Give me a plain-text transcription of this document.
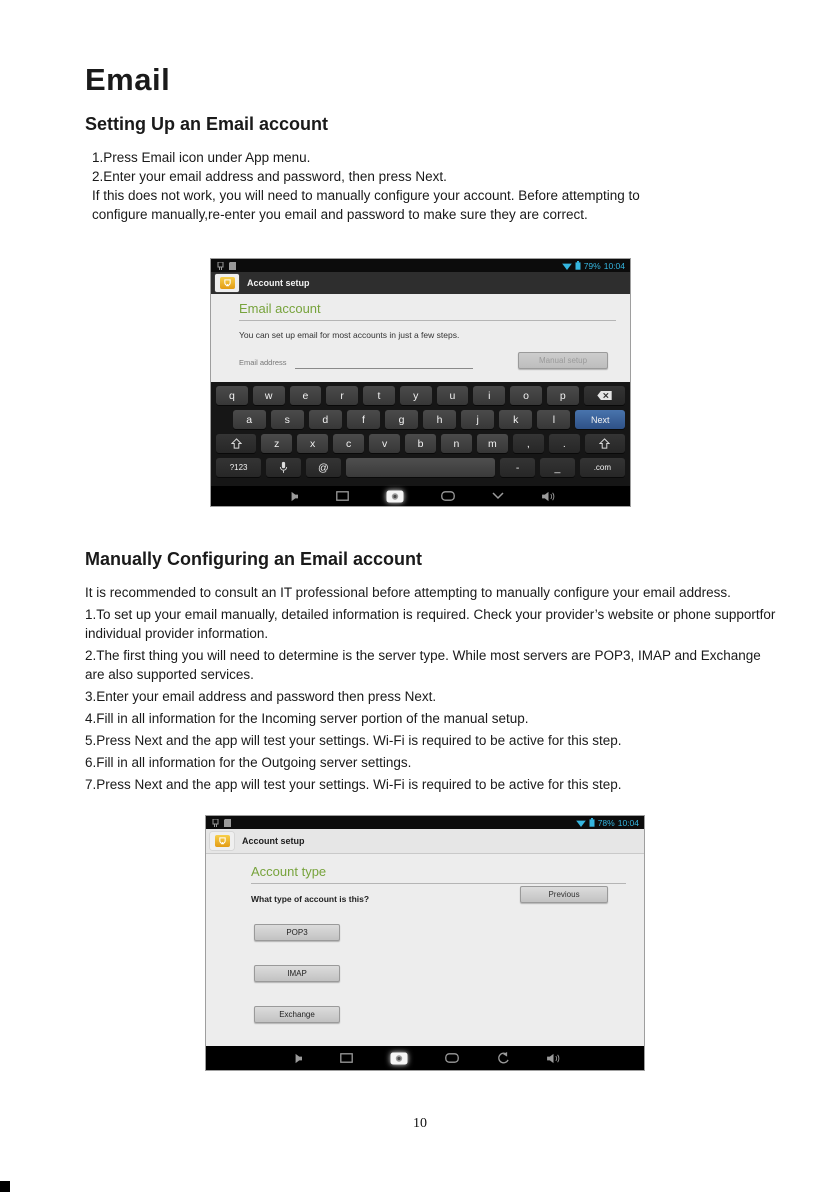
Email
Setting Up an Email account
1.Press Email icon under App menu.
2.Enter your email address and password, then press Next.
If this does not work, you will need to manually configure your account. Before attempting to
configure manually,re-enter you email and password to make sure they are correct.
79% 10:04
Account setup
Email account
You can set up email for most accounts in just a few steps.
Email address	Manual setup
q	w	e	r	t	y	u	i	o	p
a	s	d	f	g	h	j	k	l	Next
z	x	c	v	b	n	m	,	.
?123	@	-	_	.com
Manually Configuring an Email account
It is recommended to consult an IT professional before attempting to manually configure your email address.
1.To set up your email manually, detailed information is required. Check your provider’s website or phone supportfor individual provider information.
2.The first thing you will need to determine is the server type. While most servers are POP3, IMAP and Exchange are also supported services.
3.Enter your email address and password then press Next.
4.Fill in all information for the Incoming server portion of the manual setup.
5.Press Next and the app will test your settings. Wi-Fi is required to be active for this step.
6.Fill in all information for the Outgoing server settings.
7.Press Next and the app will test your settings. Wi-Fi is required to be active for this step.
78% 10:04
Account setup
Account type
What type of account is this?	Previous
POP3
IMAP
Exchange
10
